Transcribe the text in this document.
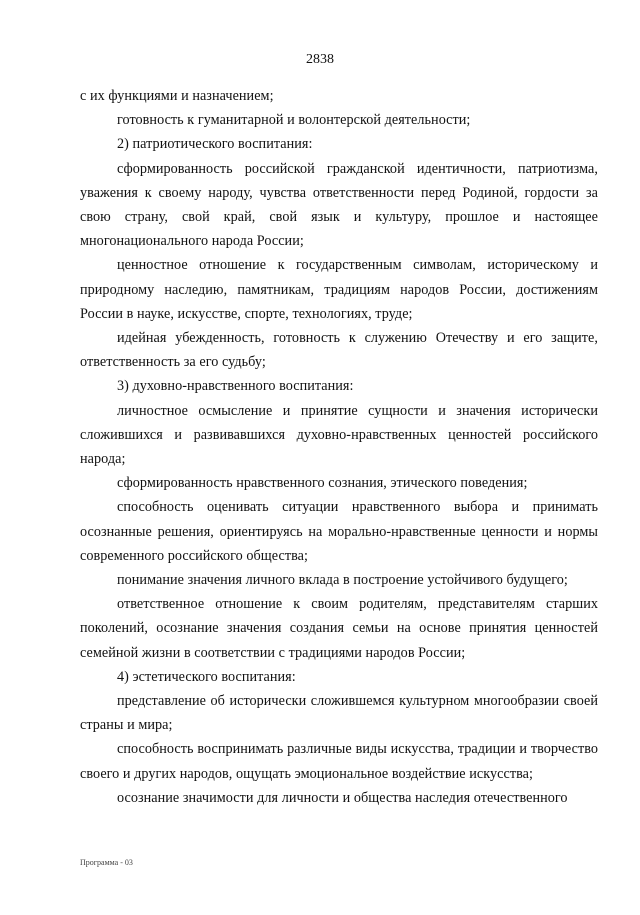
2838

с их функциями и назначением;

готовность к гуманитарной и волонтерской деятельности;

2) патриотического воспитания:

сформированность российской гражданской идентичности, патриотизма, уважения к своему народу, чувства ответственности перед Родиной, гордости за свою страну, свой край, свой язык и культуру, прошлое и настоящее многонационального народа России;

ценностное отношение к государственным символам, историческому и природному наследию, памятникам, традициям народов России, достижениям России в науке, искусстве, спорте, технологиях, труде;

идейная убежденность, готовность к служению Отечеству и его защите, ответственность за его судьбу;

3) духовно-нравственного воспитания:

личностное осмысление и принятие сущности и значения исторически сложившихся и развивавшихся духовно-нравственных ценностей российского народа;

сформированность нравственного сознания, этического поведения;

способность оценивать ситуации нравственного выбора и принимать осознанные решения, ориентируясь на морально-нравственные ценности и нормы современного российского общества;

понимание значения личного вклада в построение устойчивого будущего;

ответственное отношение к своим родителям, представителям старших поколений, осознание значения создания семьи на основе принятия ценностей семейной жизни в соответствии с традициями народов России;

4) эстетического воспитания:

представление об исторически сложившемся культурном многообразии своей страны и мира;

способность воспринимать различные виды искусства, традиции и творчество своего и других народов, ощущать эмоциональное воздействие искусства;

осознание значимости для личности и общества наследия отечественного

Программа - 03
